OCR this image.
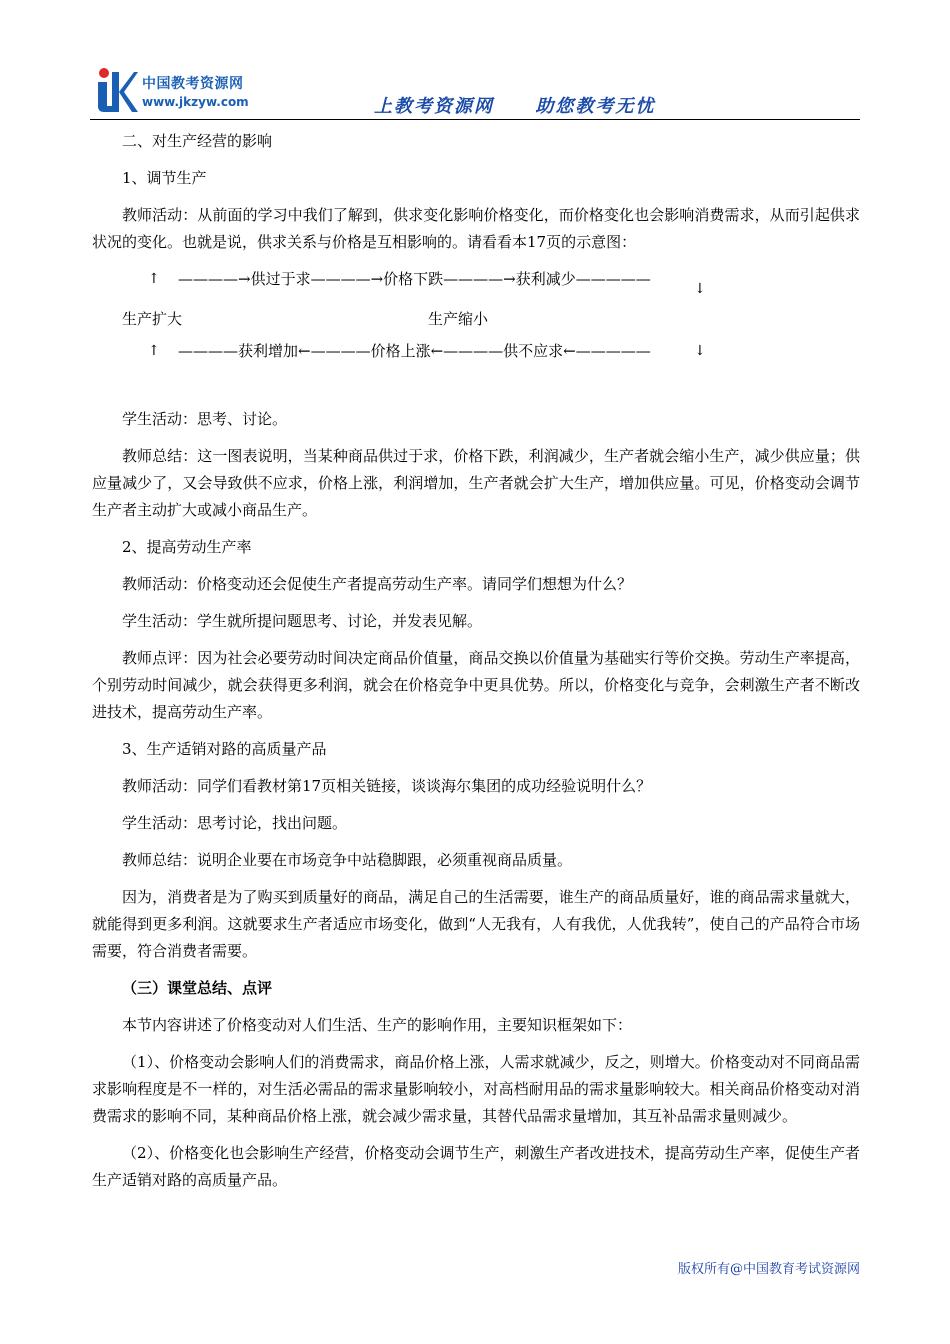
中国教考资源网
www.jkzyw.com	上教考资源网     助您教考无忧

二、对生产经营的影响

1、调节生产

教师活动：从前面的学习中我们了解到，供求变化影响价格变化，而价格变化也会影响消费需求，从而引起供求状况的变化。也就是说，供求关系与价格是互相影响的。请看看本17页的示意图：

↑ ————→供过于求————→价格下跌————→获利减少—————
↓
生产扩大	生产缩小
↑ ————获利增加←————价格上涨←————供不应求←—————	↓

学生活动：思考、讨论。

教师总结：这一图表说明，当某种商品供过于求，价格下跌，利润减少，生产者就会缩小生产，减少供应量；供应量减少了，又会导致供不应求，价格上涨，利润增加，生产者就会扩大生产，增加供应量。可见，价格变动会调节生产者主动扩大或减小商品生产。

2、提高劳动生产率

教师活动：价格变动还会促使生产者提高劳动生产率。请同学们想想为什么？

学生活动：学生就所提问题思考、讨论，并发表见解。

教师点评：因为社会必要劳动时间决定商品价值量，商品交换以价值量为基础实行等价交换。劳动生产率提高，个别劳动时间减少，就会获得更多利润，就会在价格竞争中更具优势。所以，价格变化与竞争，会刺激生产者不断改进技术，提高劳动生产率。

3、生产适销对路的高质量产品

教师活动：同学们看教材第17页相关链接，谈谈海尔集团的成功经验说明什么？

学生活动：思考讨论，找出问题。

教师总结：说明企业要在市场竞争中站稳脚跟，必须重视商品质量。

因为，消费者是为了购买到质量好的商品，满足自己的生活需要，谁生产的商品质量好，谁的商品需求量就大，就能得到更多利润。这就要求生产者适应市场变化，做到“人无我有，人有我优，人优我转”，使自己的产品符合市场需要，符合消费者需要。

（三）课堂总结、点评

本节内容讲述了价格变动对人们生活、生产的影响作用，主要知识框架如下：

（1）、价格变动会影响人们的消费需求，商品价格上涨，人需求就减少，反之，则增大。价格变动对不同商品需求影响程度是不一样的，对生活必需品的需求量影响较小，对高档耐用品的需求量影响较大。相关商品价格变动对消费需求的影响不同，某种商品价格上涨，就会减少需求量，其替代品需求量增加，其互补品需求量则减少。

（2）、价格变化也会影响生产经营，价格变动会调节生产，刺激生产者改进技术，提高劳动生产率，促使生产者生产适销对路的高质量产品。

版权所有@中国教育考试资源网
